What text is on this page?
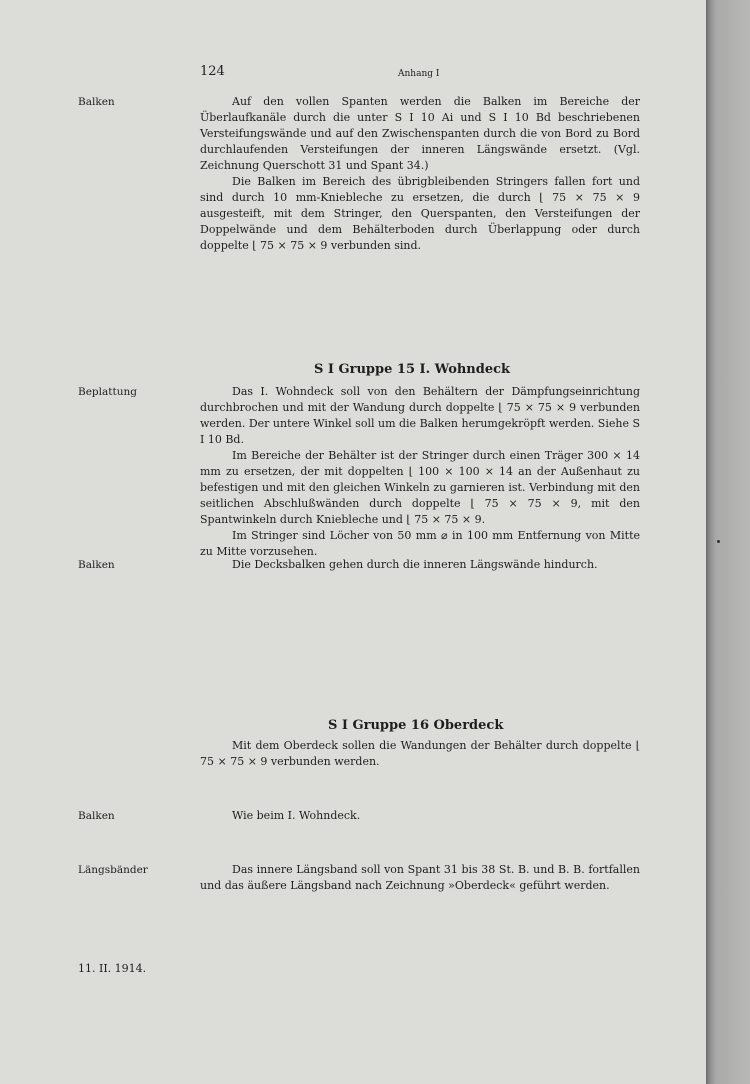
124	Anhang I
Balken	Auf den vollen Spanten werden die Balken im Bereiche der Überlaufkanäle durch die unter S I 10 Ai und S I 10 Bd beschriebenen Versteifungswände und auf den Zwischenspanten durch die von Bord zu Bord durchlaufenden Versteifungen der inneren Längswände ersetzt. (Vgl. Zeichnung Querschott 31 und Spant 34.)

Die Balken im Bereich des übrigbleibenden Stringers fallen fort und sind durch 10 mm-Kniebleche zu ersetzen, die durch ⌊ 75 × 75 × 9 ausgesteift, mit dem Stringer, den Querspanten, den Versteifungen der Doppelwände und dem Behälterboden durch Überlappung oder durch doppelte ⌊ 75 × 75 × 9 verbunden sind.

S I Gruppe 15 I. Wohndeck
Beplattung	Das I. Wohndeck soll von den Behältern der Dämpfungseinrichtung durchbrochen und mit der Wandung durch doppelte ⌊ 75 × 75 × 9 verbunden werden. Der untere Winkel soll um die Balken herumgekröpft werden. Siehe S I 10 Bd.

Im Bereiche der Behälter ist der Stringer durch einen Träger 300 × 14 mm zu ersetzen, der mit doppelten ⌊ 100 × 100 × 14 an der Außenhaut zu befestigen und mit den gleichen Winkeln zu garnieren ist. Verbindung mit den seitlichen Abschlußwänden durch doppelte ⌊ 75 × 75 × 9, mit den Spantwinkeln durch Kniebleche und ⌊ 75 × 75 × 9.

Im Stringer sind Löcher von 50 mm ⌀ in 100 mm Entfernung von Mitte zu Mitte vorzusehen.

Balken	Die Decksbalken gehen durch die inneren Längswände hindurch.
S I Gruppe 16 Oberdeck

Mit dem Oberdeck sollen die Wandungen der Behälter durch doppelte ⌊ 75 × 75 × 9 verbunden werden.

Balken	Wie beim I. Wohndeck.
Längsbänder	Das innere Längsband soll von Spant 31 bis 38 St. B. und B. B. fortfallen und das äußere Längsband nach Zeichnung »Oberdeck« geführt werden.

11. II. 1914.
